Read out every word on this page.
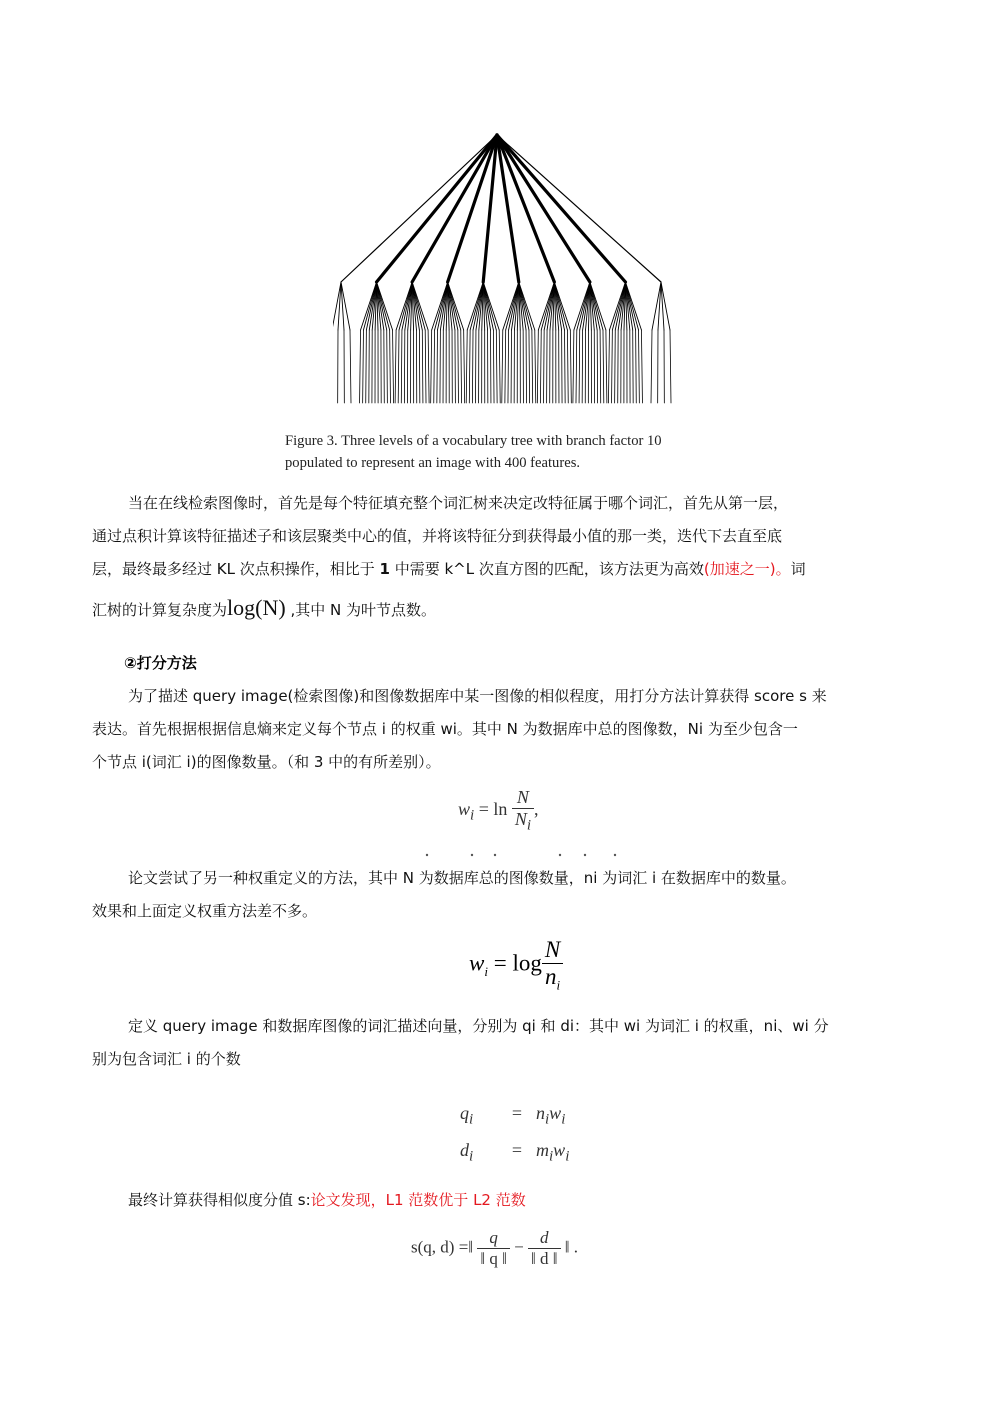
Figure 3. Three levels of a vocabulary tree with branch factor 10
populated to represent an image with 400 features.

当在在线检索图像时，首先是每个特征填充整个词汇树来决定改特征属于哪个词汇，首先从第一层，

通过点积计算该特征描述子和该层聚类中心的值，并将该特征分到获得最小值的那一类，迭代下去直至底

层，最终最多经过 KL 次点积操作，相比于 1 中需要 k^L 次直方图的匹配，该方法更为高效(加速之一)。词

汇树的计算复杂度为log(N) ,其中 N 为叶节点数。

②打分方法

为了描述 query image(检索图像)和图像数据库中某一图像的相似程度，用打分方法计算获得 score s 来

表达。首先根据根据信息熵来定义每个节点 i 的权重 wi。其中 N 为数据库中总的图像数，Ni 为至少包含一

个节点 i(词汇 i)的图像数量。（和 3 中的有所差别）。

$w_i = \ln \frac{N}{N_i}$ ,

论文尝试了另一种权重定义的方法，其中 N 为数据库总的图像数量，ni 为词汇 i 在数据库中的数量。

效果和上面定义权重方法差不多。

$w_i = \log \frac{N}{n_i}$

定义 query image 和数据库图像的词汇描述向量，分别为 qi 和 di：其中 wi 为词汇 i 的权重，ni、wi 分

别为包含词汇 i 的个数

$q_i = n_iw_i$
$d_i = m_iw_i$

最终计算获得相似度分值 s:论文发现，L1 范数优于 L2 范数

s(q, d) =‖ $\frac{q}{‖ q ‖} - \frac{d}{‖ d ‖}$ ‖ .
